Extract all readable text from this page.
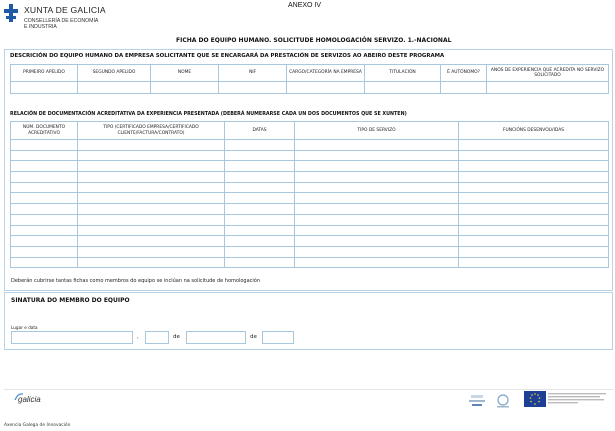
XUNTA DE GALICIA
CONSELLERÍA DE ECONOMÍA
E INDUSTRIA
ANEXO IV
FICHA DO EQUIPO HUMANO. SOLICITUDE HOMOLOGACIÓN SERVIZO. 1.-NACIONAL
DESCRICIÓN DO EQUIPO HUMANO DA EMPRESA SOLICITANTE QUE SE ENCARGARÁ DA PRESTACIÓN DE SERVIZOS AO ABEIRO DESTE PROGRAMA
PRIMEIRO APELIDO	SEGUNDO APELIDO	NOME	NIF	CARGO/CATEGORÍA NA EMPRESA	TITULACIÓN	É AUTÓNOMO?	ANOS DE EXPERIENCIA QUE ACREDITA NO SERVIZO SOLICITADO

RELACIÓN DE DOCUMENTACIÓN ACREDITATIVA DA EXPERIENCIA PRESENTADA (DEBERÁ NUMERARSE CADA UN DOS DOCUMENTOS QUE SE XUNTEN)
NÚM. DOCUMENTO ACREDITATIVO	TIPO (CERTIFICADO EMPRESA/CERTIFICADO CLIENTE/FACTURA/CONTRATO)	DATAS	TIPO DE SERVIZO	FUNCIÓNS DESENVOLVIDAS

Deberán cubrirse tantas fichas como membros do equipo se inclúan na solicitude de homologación
SINATURA DO MEMBRO DO EQUIPO
Lugar e data
,	de	de
galicia
Axencia Galega de Innovación
